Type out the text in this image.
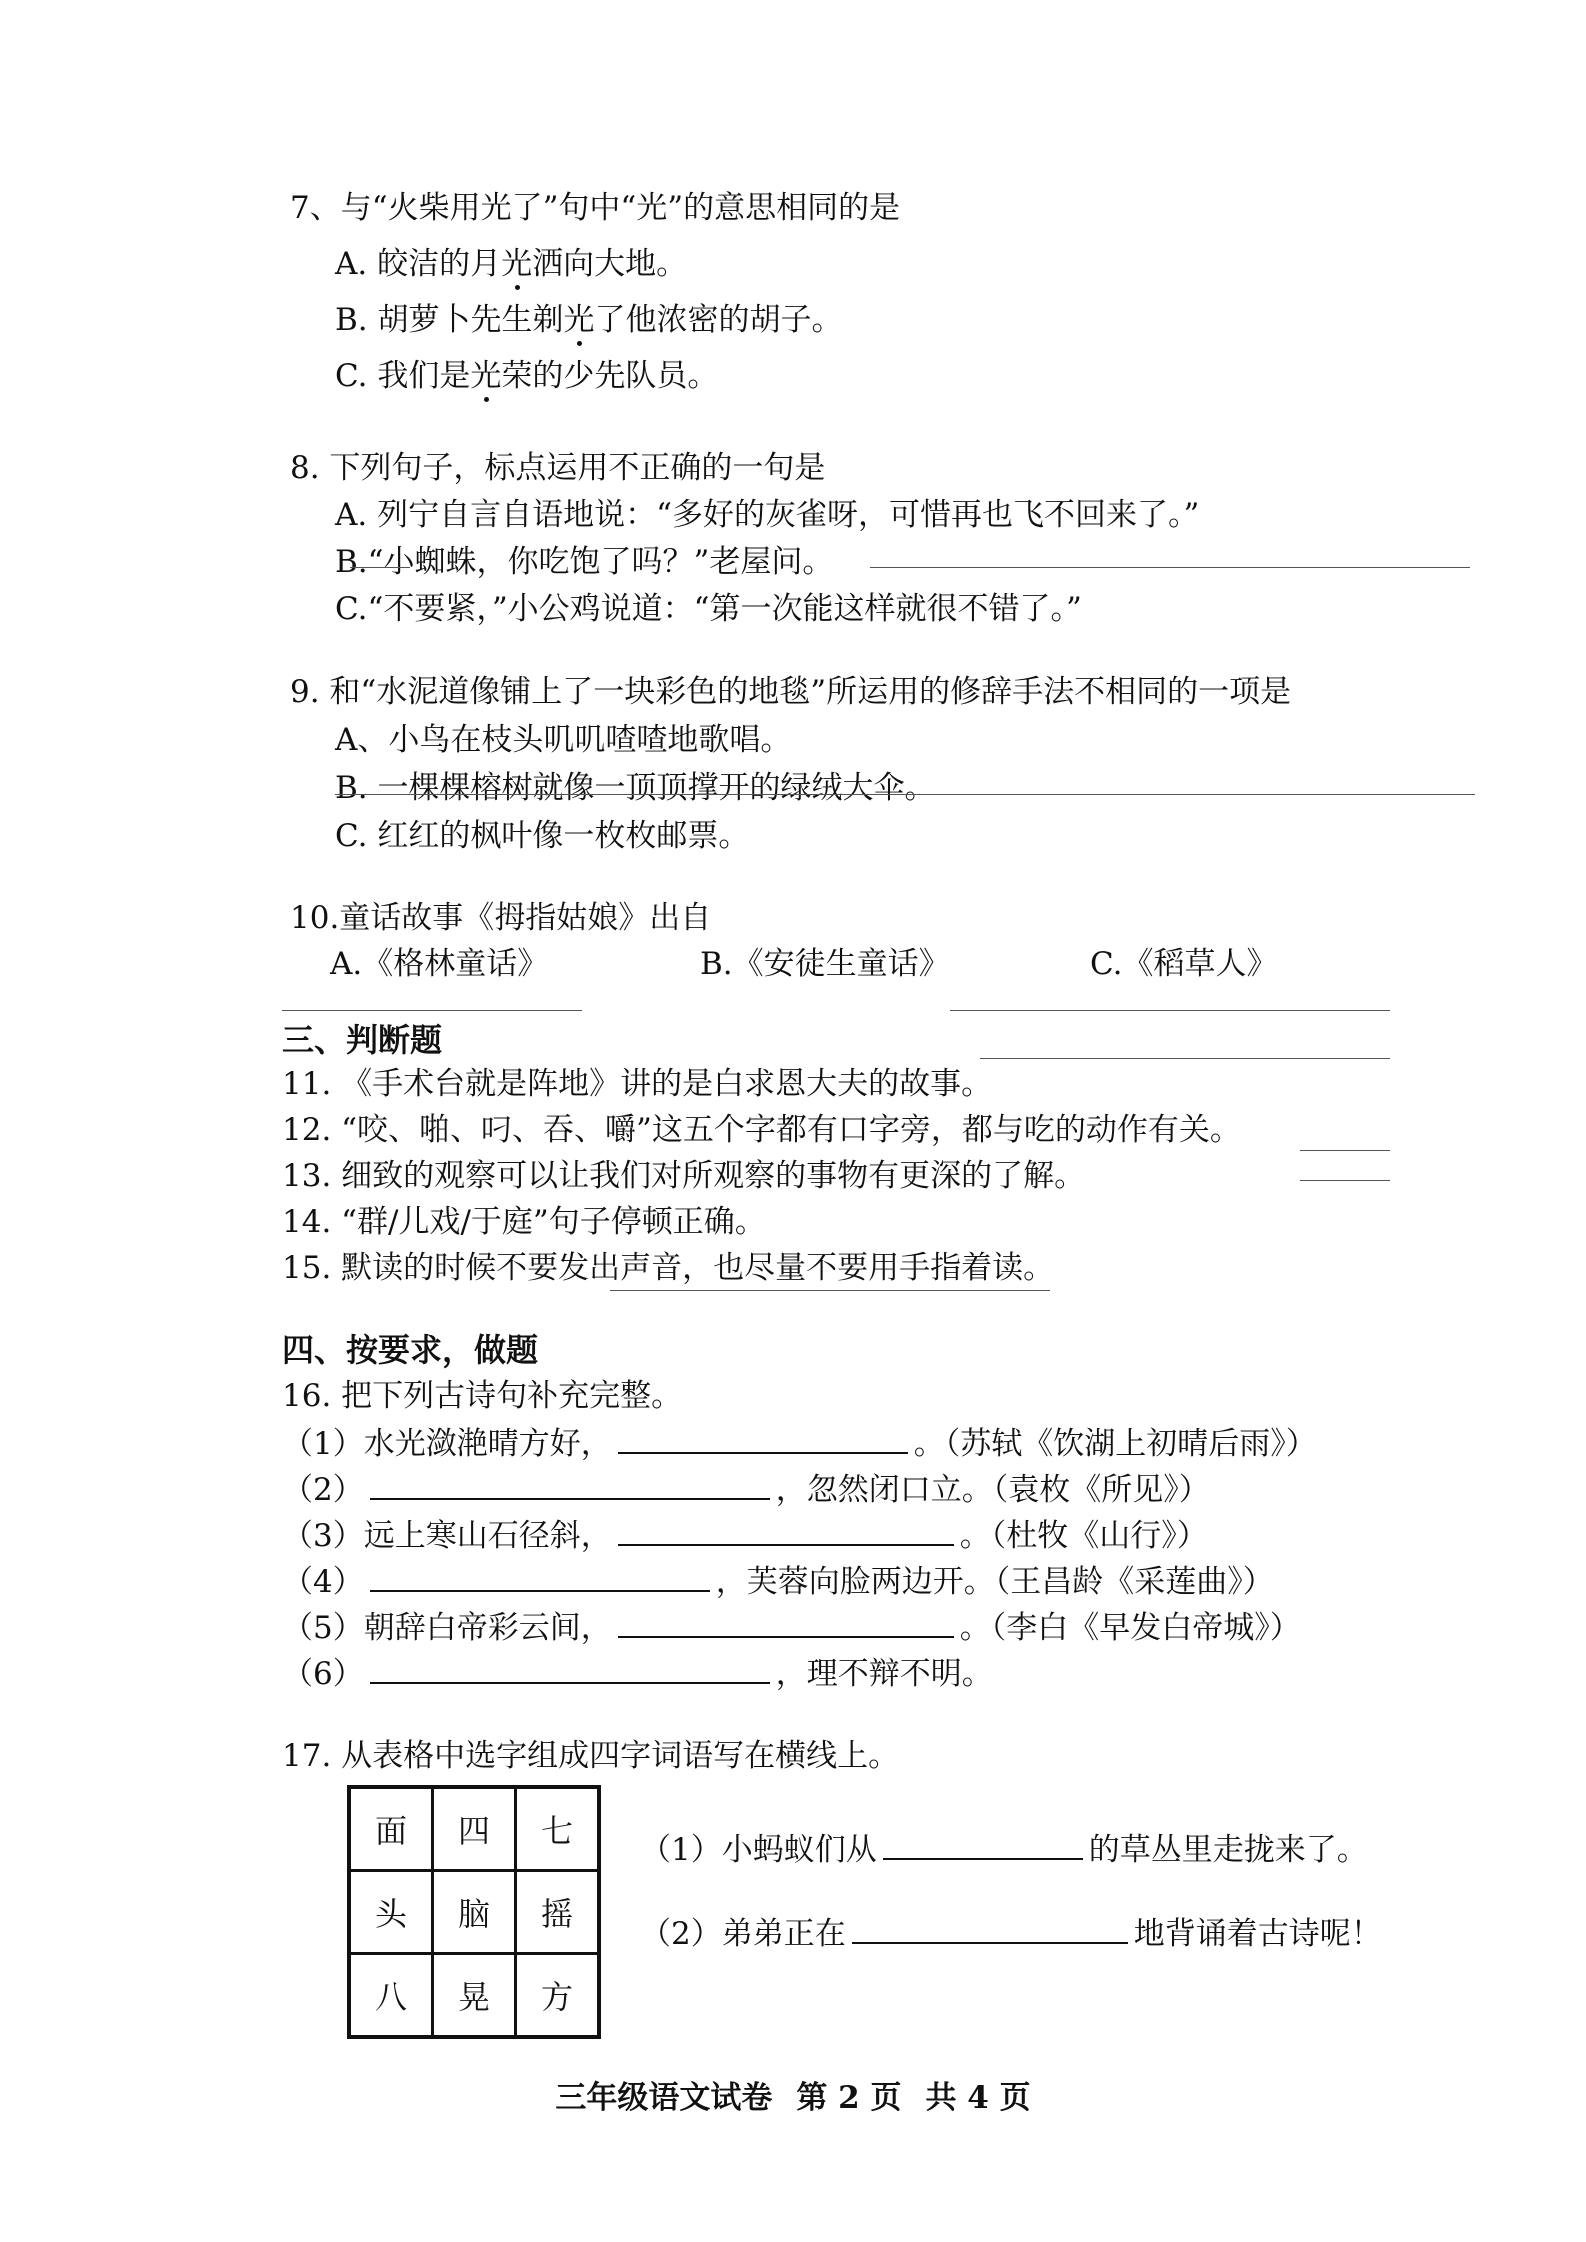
7、与“火柴用光了”句中“光”的意思相同的是
A. 皎洁的月光洒向大地。
B. 胡萝卜先生剃光了他浓密的胡子。
C. 我们是光荣的少先队员。
8. 下列句子，标点运用不正确的一句是
A. 列宁自言自语地说：“多好的灰雀呀，可惜再也飞不回来了。”
B.“小蜘蛛，你吃饱了吗？”老屋问。
C.“不要紧，”小公鸡说道：“第一次能这样就很不错了。”
9. 和“水泥道像铺上了一块彩色的地毯”所运用的修辞手法不相同的一项是
A、小鸟在枝头叽叽喳喳地歌唱。
B. 一棵棵榕树就像一顶顶撑开的绿绒大伞。
C. 红红的枫叶像一枚枚邮票。
10.童话故事《拇指姑娘》出自
A.《格林童话》	B.《安徒生童话》	C.《稻草人》
三、判断题
11. 《手术台就是阵地》讲的是白求恩大夫的故事。
12. “咬、啪、叼、吞、嚼”这五个字都有口字旁，都与吃的动作有关。
13. 细致的观察可以让我们对所观察的事物有更深的了解。
14. “群/儿戏/于庭”句子停顿正确。
15. 默读的时候不要发出声音，也尽量不要用手指着读。
四、按要求，做题
16. 把下列古诗句补充完整。
（1）水光潋滟晴方好，	。（苏轼《饮湖上初晴后雨》）
（2）	，忽然闭口立。（袁枚《所见》）
（3）远上寒山石径斜，	。（杜牧《山行》）
（4）	，芙蓉向脸两边开。（王昌龄《采莲曲》）
（5）朝辞白帝彩云间，	。（李白《早发白帝城》）
（6）	，理不辩不明。
17. 从表格中选字组成四字词语写在横线上。
面	四	七
头	脑	摇
八	晃	方
（1）小蚂蚁们从	的草丛里走拢来了。
（2）弟弟正在	地背诵着古诗呢！
三年级语文试卷 第 2 页 共 4 页
